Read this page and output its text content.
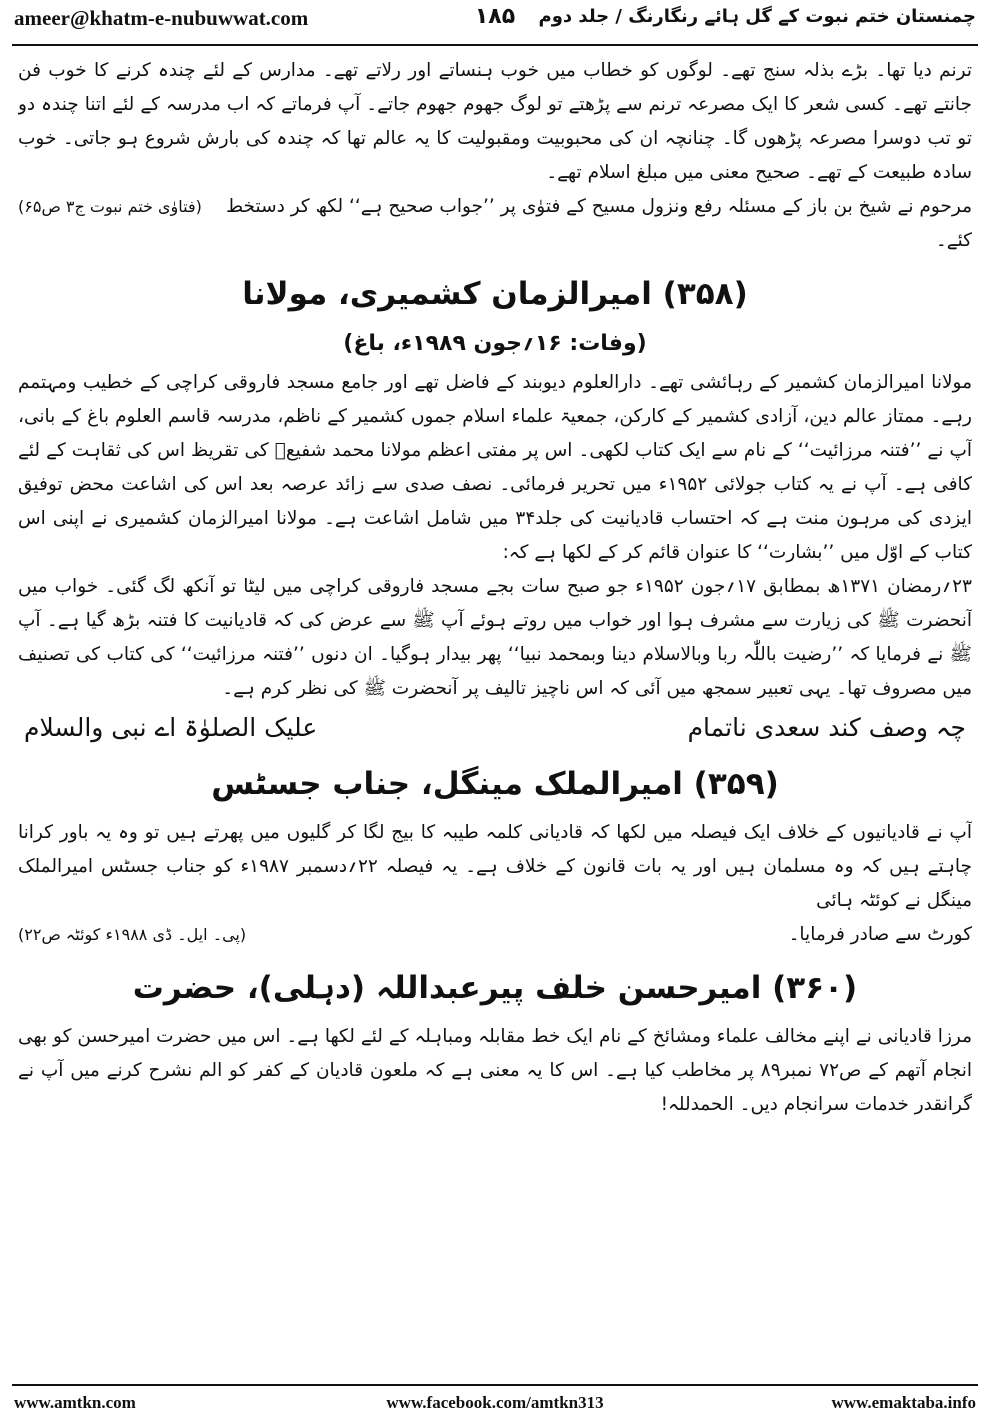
ameer@khatm-e-nubuwwat.com	۱۸۵	چمنستان ختم نبوت کے گل ہائے رنگارنگ / جلد دوم

ترنم دیا تھا۔ بڑے بذلہ سنج تھے۔ لوگوں کو خطاب میں خوب ہنساتے اور رلاتے تھے۔ مدارس کے لئے چندہ کرنے کا خوب فن جانتے تھے۔ کسی شعر کا ایک مصرعہ ترنم سے پڑھتے تو لوگ جھوم جھوم جاتے۔ آپ فرماتے کہ اب مدرسہ کے لئے اتنا چندہ دو تو تب دوسرا مصرعہ پڑھوں گا۔ چنانچہ ان کی محبوبیت ومقبولیت کا یہ عالم تھا کہ چندہ کی بارش شروع ہو جاتی۔ خوب سادہ طبیعت کے تھے۔ صحیح معنی میں مبلغ اسلام تھے۔

مرحوم نے شیخ بن باز کے مسئلہ رفع ونزول مسیح کے فتوٰی پر ’’جواب صحیح ہے‘‘ لکھ کر دستخط کئے۔
(فتاوٰی ختم نبوت ج۳ ص۶۵)
(۳۵۸) امیرالزمان کشمیری، مولانا
(وفات: ۱۶؍جون ۱۹۸۹ء، باغ)

مولانا امیرالزمان کشمیر کے رہائشی تھے۔ دارالعلوم دیوبند کے فاضل تھے اور جامع مسجد فاروقی کراچی کے خطیب ومہتمم رہے۔ ممتاز عالم دین، آزادی کشمیر کے کارکن، جمعیۃ علماء اسلام جموں کشمیر کے ناظم، مدرسہ قاسم العلوم باغ کے بانی، آپ نے ’’فتنہ مرزائیت‘‘ کے نام سے ایک کتاب لکھی۔ اس پر مفتی اعظم مولانا محمد شفیعؒ کی تقریظ اس کی ثقاہت کے لئے کافی ہے۔ آپ نے یہ کتاب جولائی ۱۹۵۲ء میں تحریر فرمائی۔ نصف صدی سے زائد عرصہ بعد اس کی اشاعت محض توفیق ایزدی کی مرہون منت ہے کہ احتساب قادیانیت کی جلد۳۴ میں شامل اشاعت ہے۔ مولانا امیرالزمان کشمیری نے اپنی اس کتاب کے اوّل میں ’’بشارت‘‘ کا عنوان قائم کر کے لکھا ہے کہ:

۲۳؍رمضان ۱۳۷۱ھ بمطابق ۱۷؍جون ۱۹۵۲ء جو صبح سات بجے مسجد فاروقی کراچی میں لیٹا تو آنکھ لگ گئی۔ خواب میں آنحضرت ﷺ کی زیارت سے مشرف ہوا اور خواب میں روتے ہوئے آپ ﷺ سے عرض کی کہ قادیانیت کا فتنہ بڑھ گیا ہے۔ آپ ﷺ نے فرمایا کہ ’’رضیت باللّٰہ ربا وبالاسلام دینا وبمحمد نبیا‘‘ پھر بیدار ہوگیا۔ ان دنوں ’’فتنہ مرزائیت‘‘ کی کتاب کی تصنیف میں مصروف تھا۔ یہی تعبیر سمجھ میں آئی کہ اس ناچیز تالیف پر آنحضرت ﷺ کی نظر کرم ہے۔

چہ وصف کند سعدی ناتمام
علیک الصلوٰۃ اے نبی والسلام
(۳۵۹) امیرالملک مینگل، جناب جسٹس

آپ نے قادیانیوں کے خلاف ایک فیصلہ میں لکھا کہ قادیانی کلمہ طیبہ کا بیج لگا کر گلیوں میں پھرتے ہیں تو وہ یہ باور کرانا چاہتے ہیں کہ وہ مسلمان ہیں اور یہ بات قانون کے خلاف ہے۔ یہ فیصلہ ۲۲؍دسمبر ۱۹۸۷ء کو جناب جسٹس امیرالملک مینگل نے کوئٹہ ہائی

کورٹ سے صادر فرمایا۔
(پی۔ ایل۔ ڈی ۱۹۸۸ء کوئٹہ ص۲۲)
(۳۶۰) امیرحسن خلف پیرعبداللہ (دہلی)، حضرت

مرزا قادیانی نے اپنے مخالف علماء ومشائخ کے نام ایک خط مقابلہ ومباہلہ کے لئے لکھا ہے۔ اس میں حضرت امیرحسن کو بھی انجام آتھم کے ص۷۲ نمبر۸۹ پر مخاطب کیا ہے۔ اس کا یہ معنی ہے کہ ملعون قادیان کے کفر کو الم نشرح کرنے میں آپ نے گرانقدر خدمات سرانجام دیں۔ الحمدللہ!

www.amtkn.com	www.facebook.com/amtkn313	www.emaktaba.info
